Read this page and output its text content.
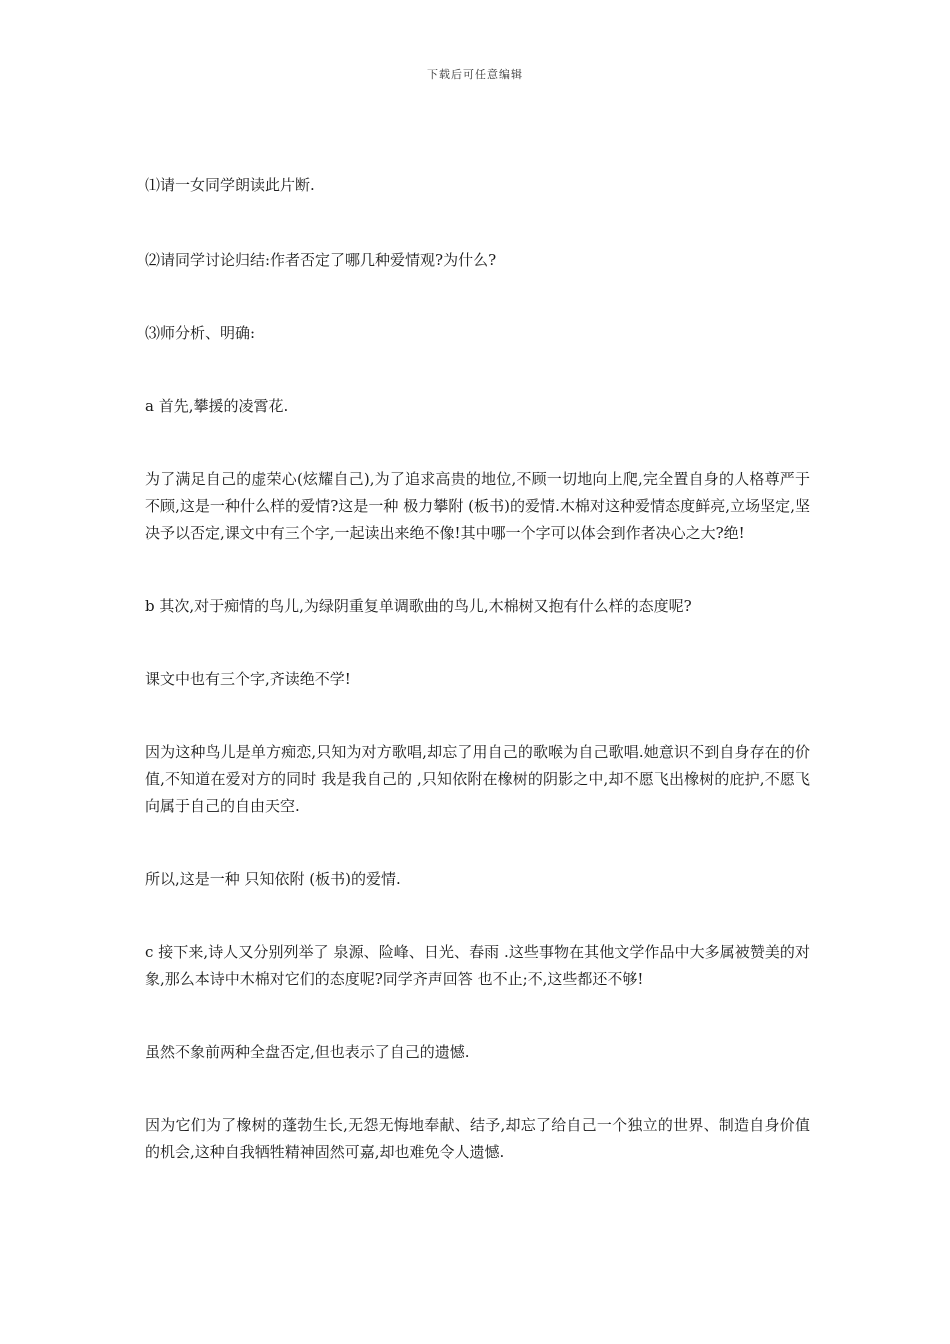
下载后可任意编辑

⑴请一女同学朗读此片断.

⑵请同学讨论归结:作者否定了哪几种爱情观?为什么?

⑶师分析、明确:

a 首先,攀援的凌霄花.

为了满足自己的虚荣心(炫耀自己),为了追求高贵的地位,不顾一切地向上爬,完全置自身的人格尊严于不顾,这是一种什么样的爱情?这是一种 极力攀附 (板书)的爱情.木棉对这种爱情态度鲜亮,立场坚定,坚决予以否定,课文中有三个字,一起读出来绝不像!其中哪一个字可以体会到作者决心之大?绝!

b 其次,对于痴情的鸟儿,为绿阴重复单调歌曲的鸟儿,木棉树又抱有什么样的态度呢?

课文中也有三个字,齐读绝不学!

因为这种鸟儿是单方痴恋,只知为对方歌唱,却忘了用自己的歌喉为自己歌唱.她意识不到自身存在的价值,不知道在爱对方的同时 我是我自己的 ,只知依附在橡树的阴影之中,却不愿飞出橡树的庇护,不愿飞向属于自己的自由天空.

所以,这是一种 只知依附 (板书)的爱情.

c 接下来,诗人又分别列举了 泉源、险峰、日光、春雨 .这些事物在其他文学作品中大多属被赞美的对象,那么本诗中木棉对它们的态度呢?同学齐声回答 也不止;不,这些都还不够!

虽然不象前两种全盘否定,但也表示了自己的遗憾.

因为它们为了橡树的蓬勃生长,无怨无悔地奉献、结予,却忘了给自己一个独立的世界、制造自身价值的机会,这种自我牺牲精神固然可嘉,却也难免令人遗憾.
